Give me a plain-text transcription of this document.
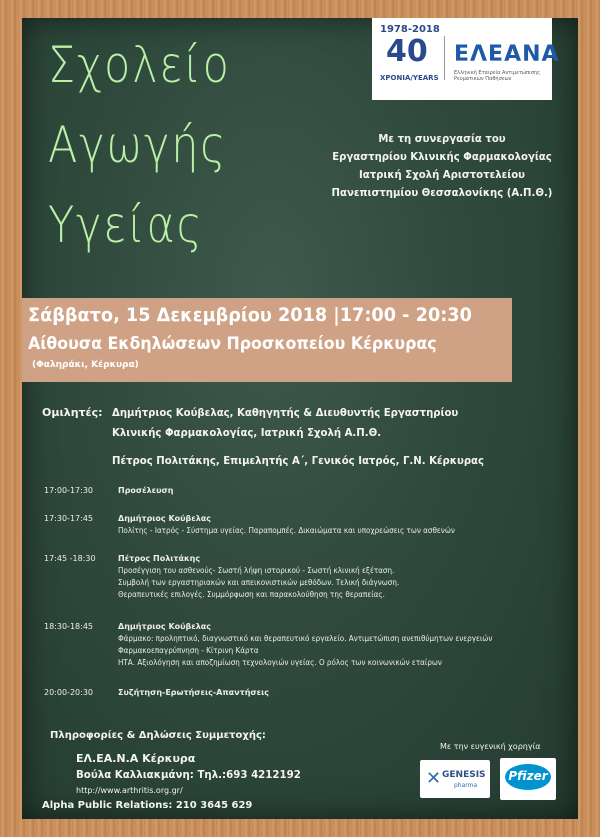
Σχολείο
Αγωγής
Υγείας
1978-2018
40
ΧΡΟΝΙΑ/YEARS
ΕΛΕΑΝΑ
Ελληνική Εταιρεία Αντιμετώπισης Ρευματικών Παθήσεων
Με τη συνεργασία του
Εργαστηρίου Κλινικής Φαρμακολογίας
Ιατρική Σχολή Αριστοτελείου
Πανεπιστημίου Θεσσαλονίκης (Α.Π.Θ.)
Σάββατο, 15 Δεκεμβρίου 2018 |17:00 - 20:30
Αίθουσα Εκδηλώσεων Προσκοπείου Κέρκυρας
(Φαληράκι, Κέρκυρα)
Ομιλητές: Δημήτριος Κούβελας, Καθηγητής & Διευθυντής Εργαστηρίου
Κλινικής Φαρμακολογίας, Ιατρική Σχολή Α.Π.Θ.
Πέτρος Πολιτάκης, Επιμελητής Α΄, Γενικός Ιατρός, Γ.Ν. Κέρκυρας
17:00-17:30	Προσέλευση
17:30-17:45	Δημήτριος Κούβελας
Πολίτης - Ιατρός - Σύστημα υγείας. Παραπομπές. Δικαιώματα και υποχρεώσεις των ασθενών
17:45 -18:30	Πέτρος Πολιτάκης
Προσέγγιση του ασθενούς- Σωστή λήψη ιστορικού - Σωστή κλινική εξέταση.
Συμβολή των εργαστηριακών και απεικονιστικών μεθόδων. Τελική διάγνωση.
Θεραπευτικές επιλογές. Συμμόρφωση και παρακολούθηση της θεραπείας.
18:30-18:45	Δημήτριος Κούβελας
Φάρμακο: προληπτικό, διαγνωστικό και θεραπευτικό εργαλείο. Αντιμετώπιση ανεπιθύμητων ενεργειών
Φαρμακοεπαγρύπνηση - Κίτρινη Κάρτα
ΗΤΑ. Αξιολόγηση και αποζημίωση τεχνολογιών υγείας. Ο ρόλος των κοινωνικών εταίρων
20:00-20:30	Συζήτηση-Ερωτήσεις-Απαντήσεις
Πληροφορίες & Δηλώσεις Συμμετοχής:
ΕΛ.ΕΑ.Ν.Α Κέρκυρα
Βούλα Καλλιακμάνη: Τηλ.:693 4212192
http://www.arthritis.org.gr/
Alpha Public Relations: 210 3645 629
Με την ευγενική χορηγία
✕ GENESIS
pharma
Pfizer
